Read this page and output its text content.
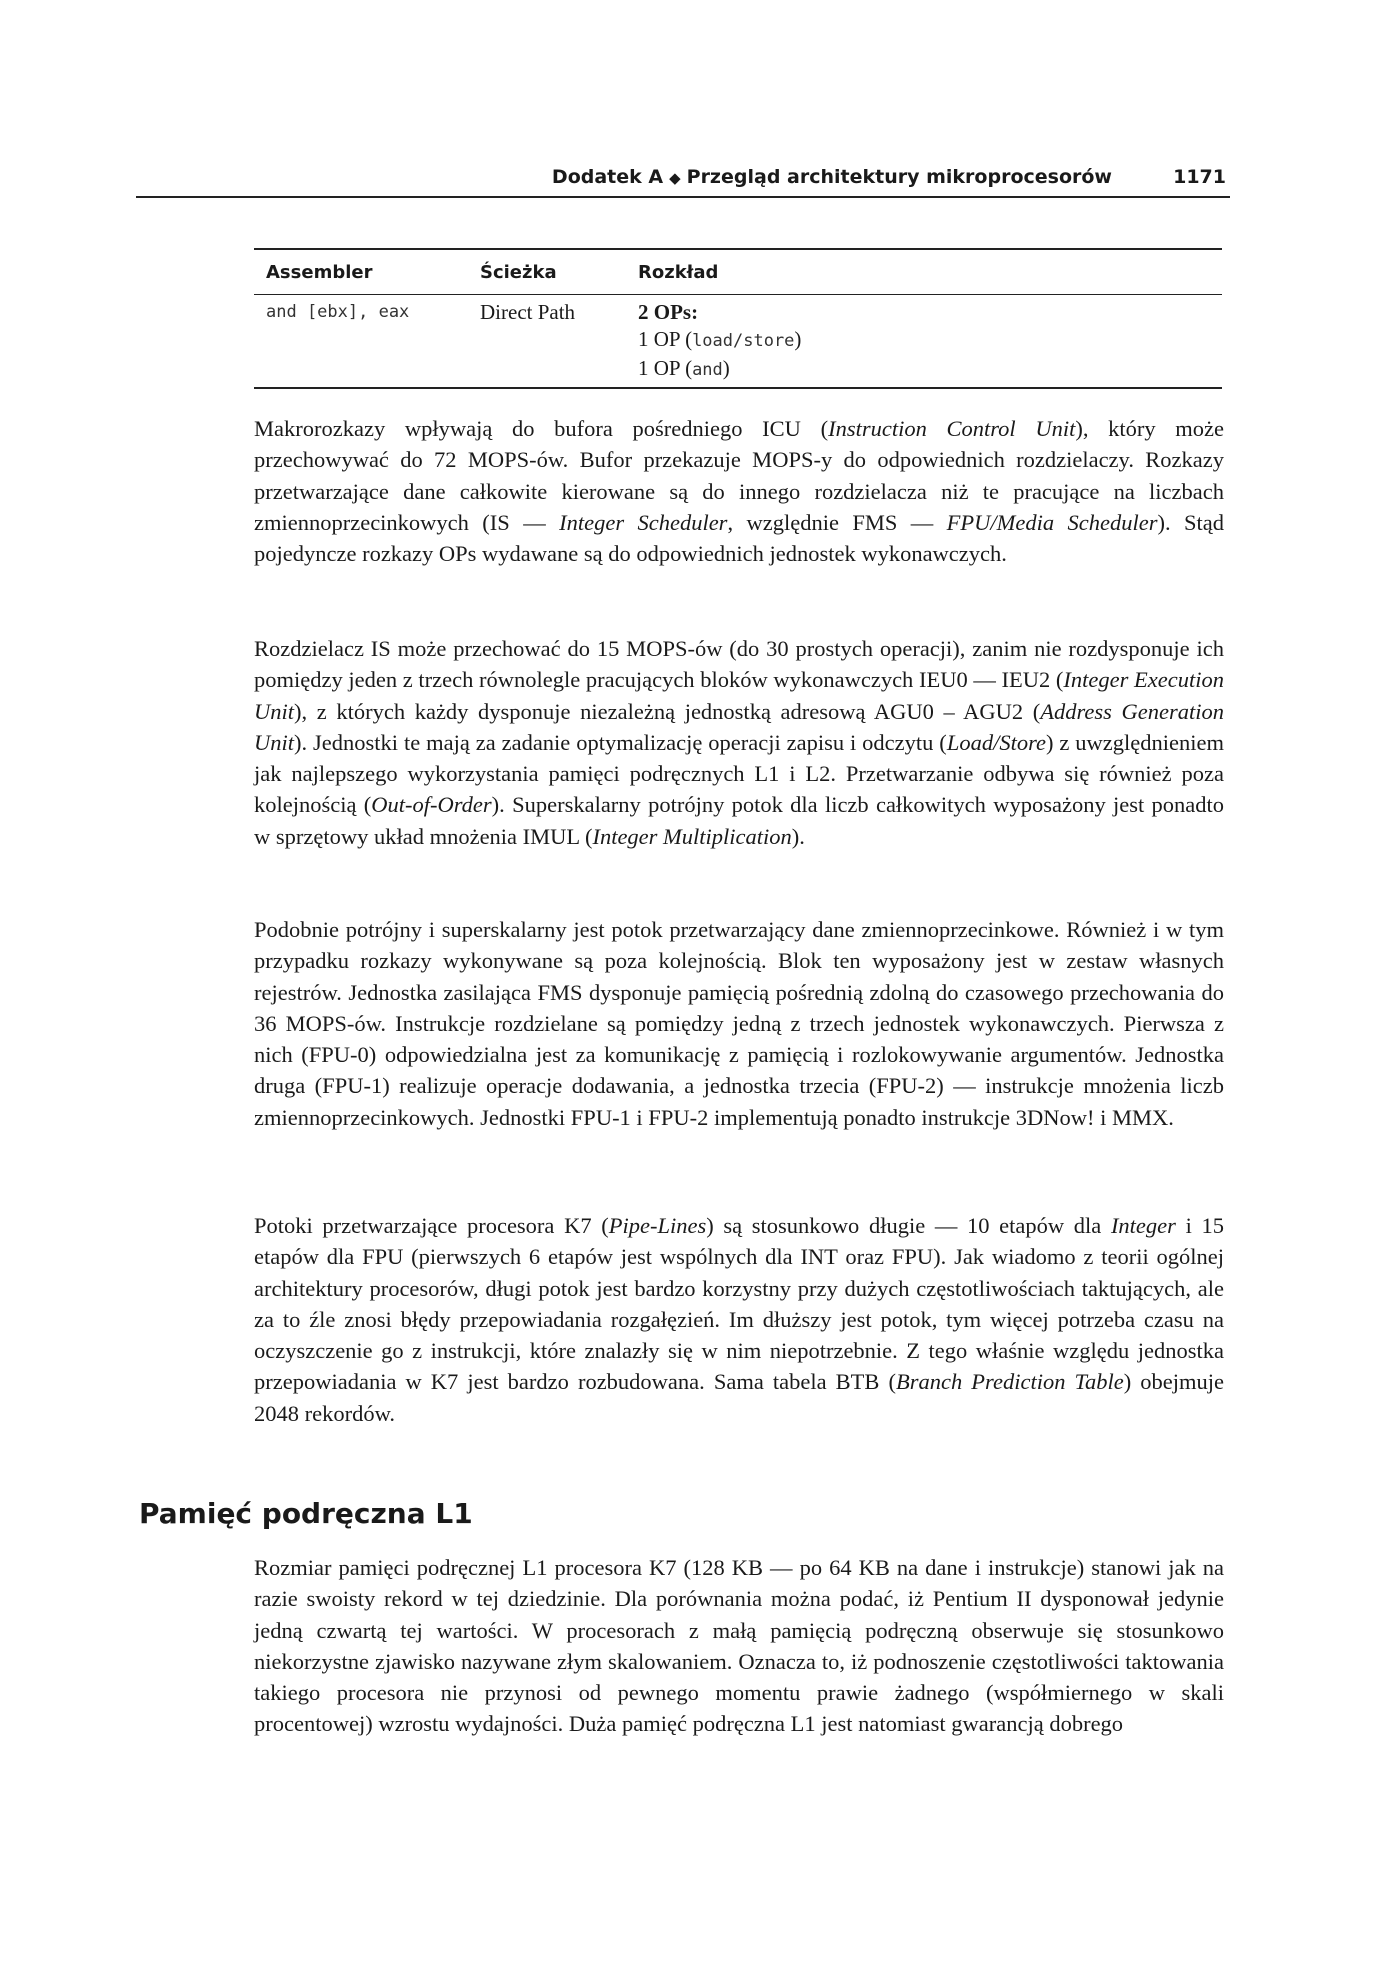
Dodatek A ◆ Przegląd architektury mikroprocesorów	1171
Assembler	Ścieżka	Rozkład
and [ebx], eax	Direct Path	2 OPs:
1 OP (load/store)
1 OP (and)

Makrorozkazy wpływają do bufora pośredniego ICU (Instruction Control Unit), który może przechowywać do 72 MOPS-ów. Bufor przekazuje MOPS-y do odpowiednich rozdzielaczy. Rozkazy przetwarzające dane całkowite kierowane są do innego rozdzielacza niż te pracujące na liczbach zmiennoprzecinkowych (IS — Integer Scheduler, względnie FMS — FPU/Media Scheduler). Stąd pojedyncze rozkazy OPs wydawane są do odpowiednich jednostek wykonawczych.

Rozdzielacz IS może przechować do 15 MOPS-ów (do 30 prostych operacji), zanim nie rozdysponuje ich pomiędzy jeden z trzech równolegle pracujących bloków wykonawczych IEU0 — IEU2 (Integer Execution Unit), z których każdy dysponuje niezależną jednostką adresową AGU0 – AGU2 (Address Generation Unit). Jednostki te mają za zadanie optymalizację operacji zapisu i odczytu (Load/Store) z uwzględnieniem jak najlepszego wykorzystania pamięci podręcznych L1 i L2. Przetwarzanie odbywa się również poza kolejnością (Out-of-Order). Superskalarny potrójny potok dla liczb całkowitych wyposażony jest ponadto w sprzętowy układ mnożenia IMUL (Integer Multiplication).

Podobnie potrójny i superskalarny jest potok przetwarzający dane zmiennoprzecinkowe. Również i w tym przypadku rozkazy wykonywane są poza kolejnością. Blok ten wyposażony jest w zestaw własnych rejestrów. Jednostka zasilająca FMS dysponuje pamięcią pośrednią zdolną do czasowego przechowania do 36 MOPS-ów. Instrukcje rozdzielane są pomiędzy jedną z trzech jednostek wykonawczych. Pierwsza z nich (FPU-0) odpowiedzialna jest za komunikację z pamięcią i rozlokowywanie argumentów. Jednostka druga (FPU-1) realizuje operacje dodawania, a jednostka trzecia (FPU-2) — instrukcje mnożenia liczb zmiennoprzecinkowych. Jednostki FPU-1 i FPU-2 implementują ponadto instrukcje 3DNow! i MMX.

Potoki przetwarzające procesora K7 (Pipe-Lines) są stosunkowo długie — 10 etapów dla Integer i 15 etapów dla FPU (pierwszych 6 etapów jest wspólnych dla INT oraz FPU). Jak wiadomo z teorii ogólnej architektury procesorów, długi potok jest bardzo korzystny przy dużych częstotliwościach taktujących, ale za to źle znosi błędy przepowiadania rozgałęzień. Im dłuższy jest potok, tym więcej potrzeba czasu na oczyszczenie go z instrukcji, które znalazły się w nim niepotrzebnie. Z tego właśnie względu jednostka przepowiadania w K7 jest bardzo rozbudowana. Sama tabela BTB (Branch Prediction Table) obejmuje 2048 rekordów.

Pamięć podręczna L1

Rozmiar pamięci podręcznej L1 procesora K7 (128 KB — po 64 KB na dane i instrukcje) stanowi jak na razie swoisty rekord w tej dziedzinie. Dla porównania można podać, iż Pentium II dysponował jedynie jedną czwartą tej wartości. W procesorach z małą pamięcią podręczną obserwuje się stosunkowo niekorzystne zjawisko nazywane złym skalowaniem. Oznacza to, iż podnoszenie częstotliwości taktowania takiego procesora nie przynosi od pewnego momentu prawie żadnego (współmiernego w skali procentowej) wzrostu wydajności. Duża pamięć podręczna L1 jest natomiast gwarancją dobrego
